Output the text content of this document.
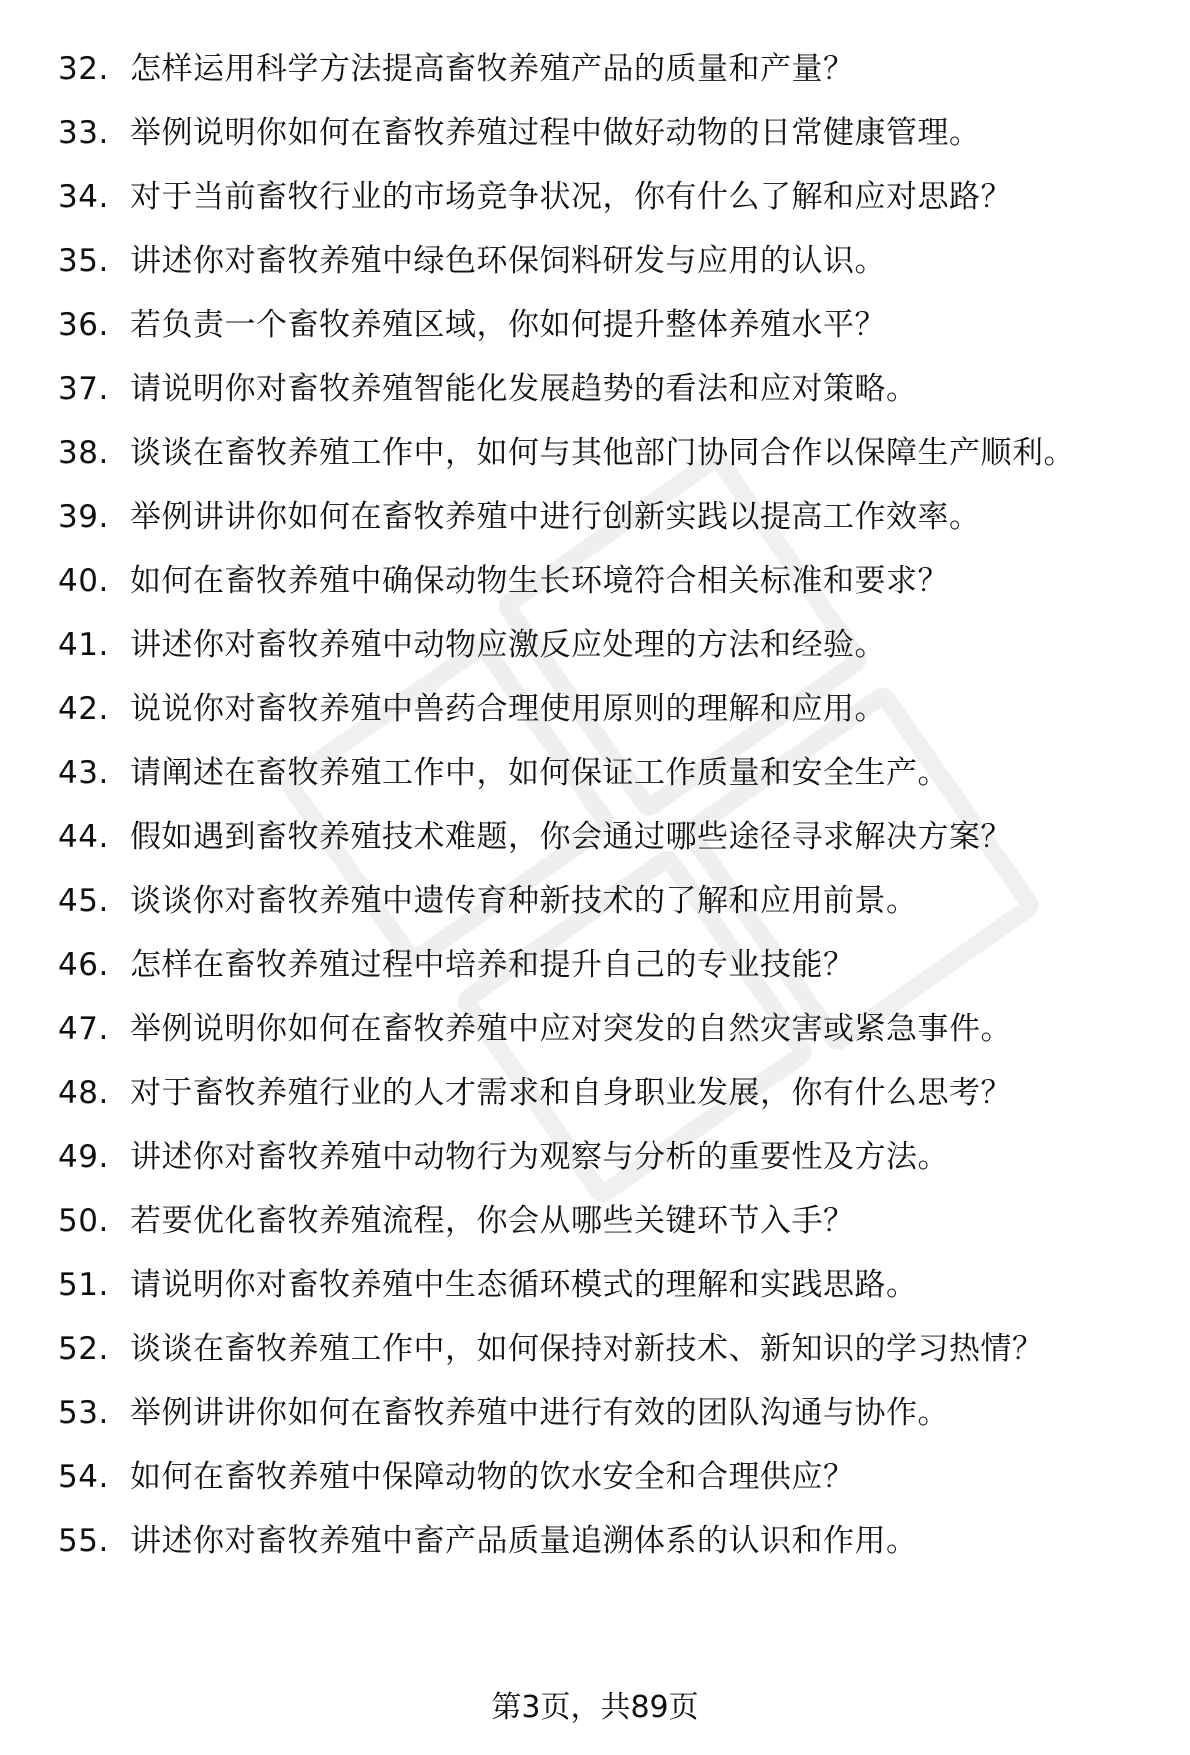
32. 怎样运用科学方法提高畜牧养殖产品的质量和产量？
33. 举例说明你如何在畜牧养殖过程中做好动物的日常健康管理。
34. 对于当前畜牧行业的市场竞争状况，你有什么了解和应对思路？
35. 讲述你对畜牧养殖中绿色环保饲料研发与应用的认识。
36. 若负责一个畜牧养殖区域，你如何提升整体养殖水平？
37. 请说明你对畜牧养殖智能化发展趋势的看法和应对策略。
38. 谈谈在畜牧养殖工作中，如何与其他部门协同合作以保障生产顺利。
39. 举例讲讲你如何在畜牧养殖中进行创新实践以提高工作效率。
40. 如何在畜牧养殖中确保动物生长环境符合相关标准和要求？
41. 讲述你对畜牧养殖中动物应激反应处理的方法和经验。
42. 说说你对畜牧养殖中兽药合理使用原则的理解和应用。
43. 请阐述在畜牧养殖工作中，如何保证工作质量和安全生产。
44. 假如遇到畜牧养殖技术难题，你会通过哪些途径寻求解决方案？
45. 谈谈你对畜牧养殖中遗传育种新技术的了解和应用前景。
46. 怎样在畜牧养殖过程中培养和提升自己的专业技能？
47. 举例说明你如何在畜牧养殖中应对突发的自然灾害或紧急事件。
48. 对于畜牧养殖行业的人才需求和自身职业发展，你有什么思考？
49. 讲述你对畜牧养殖中动物行为观察与分析的重要性及方法。
50. 若要优化畜牧养殖流程，你会从哪些关键环节入手？
51. 请说明你对畜牧养殖中生态循环模式的理解和实践思路。
52. 谈谈在畜牧养殖工作中，如何保持对新技术、新知识的学习热情？
53. 举例讲讲你如何在畜牧养殖中进行有效的团队沟通与协作。
54. 如何在畜牧养殖中保障动物的饮水安全和合理供应？
55. 讲述你对畜牧养殖中畜产品质量追溯体系的认识和作用。
第3页，共89页
